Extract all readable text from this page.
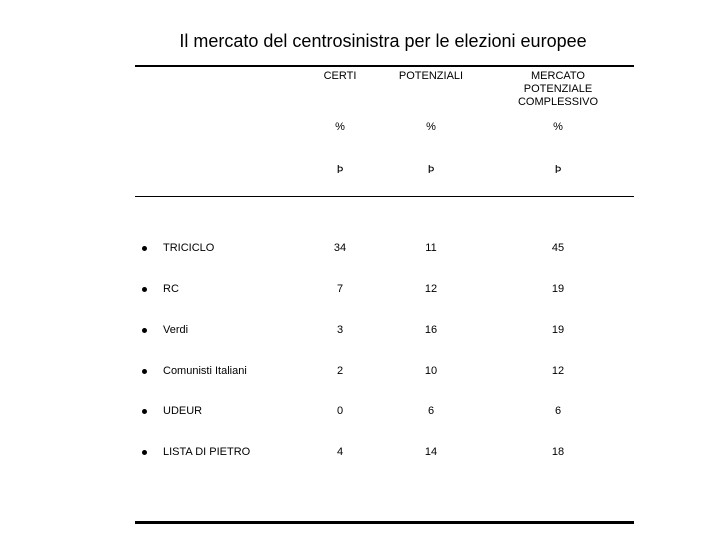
Il mercato del centrosinistra per le elezioni europee
CERTI	POTENZIALI	MERCATO
POTENZIALE
COMPLESSIVO
%	%	%
Þ	Þ	Þ
TRICICLO	34	11	45
RC	7	12	19
Verdi	3	16	19
Comunisti Italiani	2	10	12
UDEUR	0	6	6
LISTA DI PIETRO	4	14	18
